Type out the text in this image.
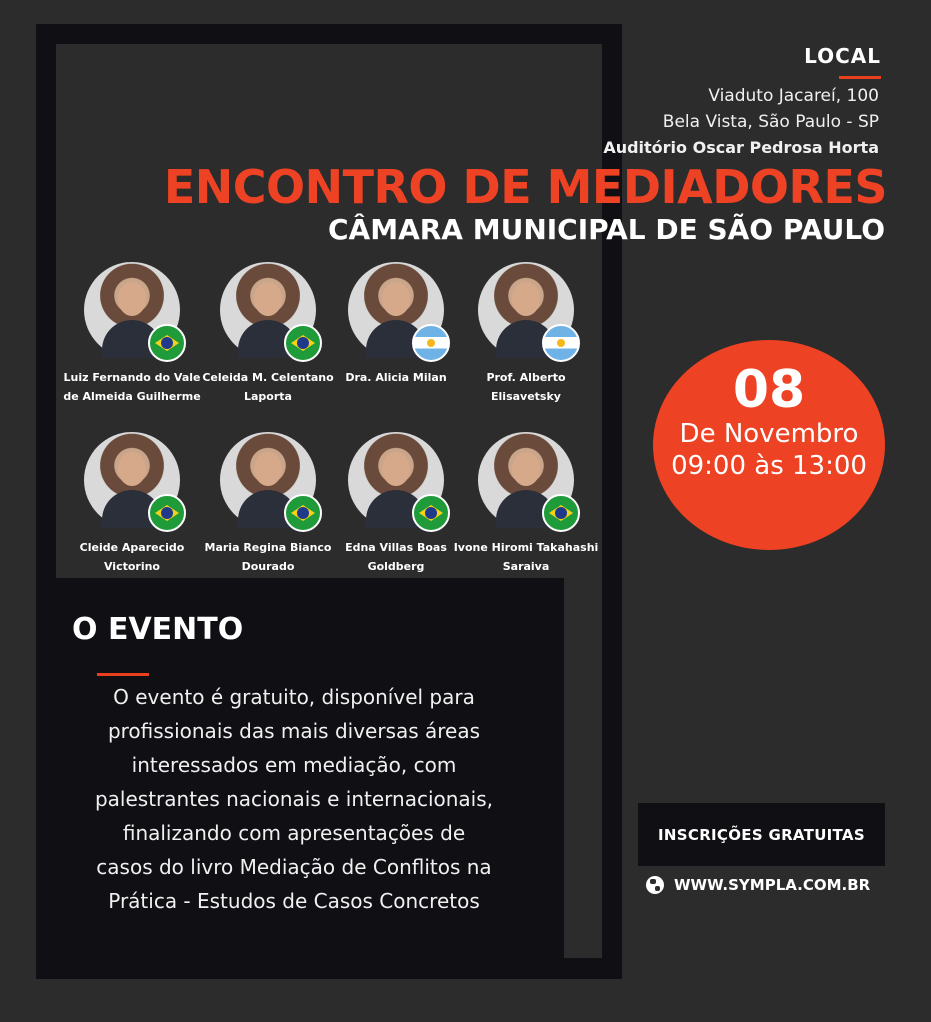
LOCAL
Viaduto Jacareí, 100
Bela Vista, São Paulo - SP
Auditório Oscar Pedrosa Horta
ENCONTRO DE MEDIADORES
CÂMARA MUNICIPAL DE SÃO PAULO
Luiz Fernando do Vale
de Almeida Guilherme
Celeida M. Celentano
Laporta
Dra. Alicia Milan	Prof. Alberto Elisavetsky
Cleide Aparecido
Victorino
Maria Regina Bianco
Dourado
Edna Villas Boas
Goldberg
Ivone Hiromi Takahashi
Saraiva
08
De Novembro
09:00 às 13:00
O EVENTO
O evento é gratuito, disponível para
profissionais das mais diversas áreas
interessados em mediação, com
palestrantes nacionais e internacionais,
finalizando com apresentações de
casos do livro Mediação de Conflitos na
Prática - Estudos de Casos Concretos
INSCRIÇÕES GRATUITAS
WWW.SYMPLA.COM.BR
